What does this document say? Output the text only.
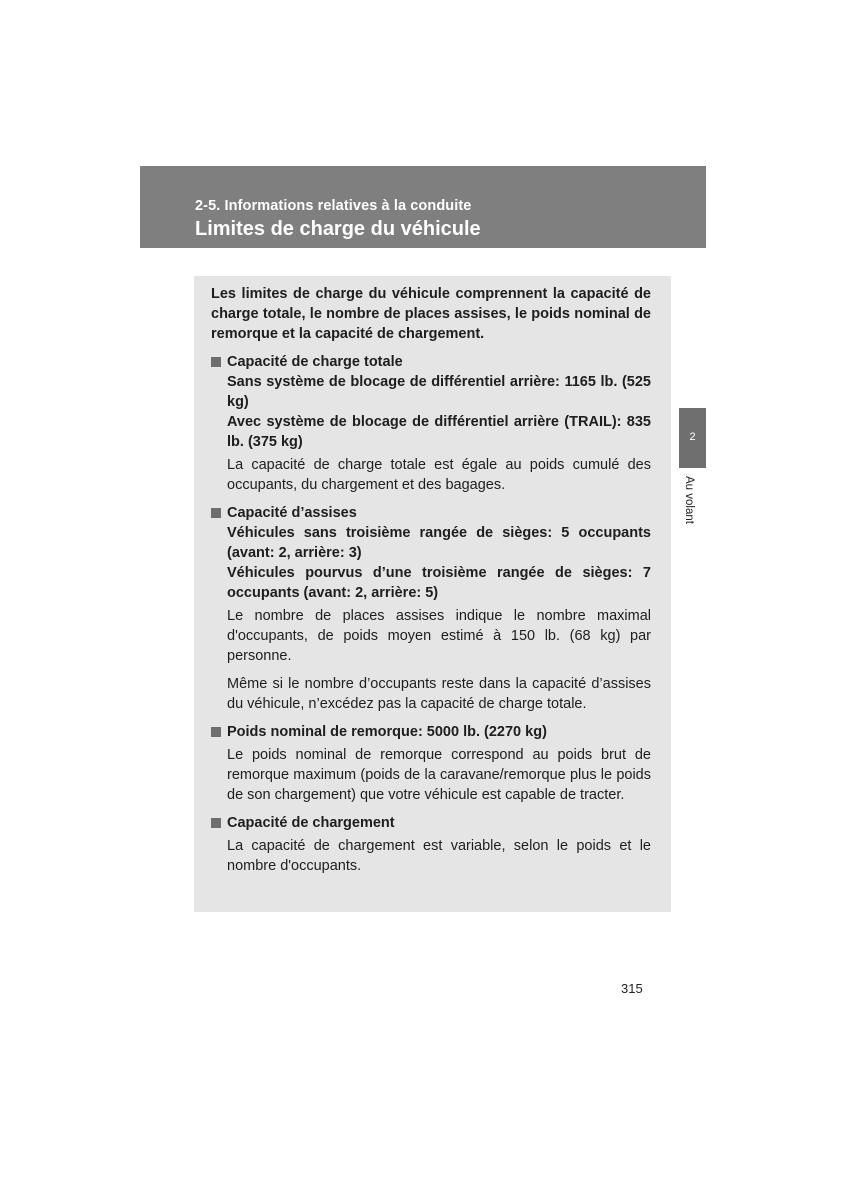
2-5. Informations relatives à la conduite
Limites de charge du véhicule
Les limites de charge du véhicule comprennent la capacité de charge totale, le nombre de places assises, le poids nominal de remorque et la capacité de chargement.
Capacité de charge totale
Sans système de blocage de différentiel arrière: 1165 lb. (525 kg)
Avec système de blocage de différentiel arrière (TRAIL): 835 lb. (375 kg)
La capacité de charge totale est égale au poids cumulé des occupants, du chargement et des bagages.
Capacité d’assises
Véhicules sans troisième rangée de sièges: 5 occupants (avant: 2, arrière: 3)
Véhicules pourvus d’une troisième rangée de sièges: 7 occupants (avant: 2, arrière: 5)
Le nombre de places assises indique le nombre maximal d'occupants, de poids moyen estimé à 150 lb. (68 kg) par personne.
Même si le nombre d’occupants reste dans la capacité d’assises du véhicule, n’excédez pas la capacité de charge totale.
Poids nominal de remorque: 5000 lb. (2270 kg)
Le poids nominal de remorque correspond au poids brut de remorque maximum (poids de la caravane/remorque plus le poids de son chargement) que votre véhicule est capable de tracter.
Capacité de chargement
La capacité de chargement est variable, selon le poids et le nombre d'occupants.
2
Au volant
315
